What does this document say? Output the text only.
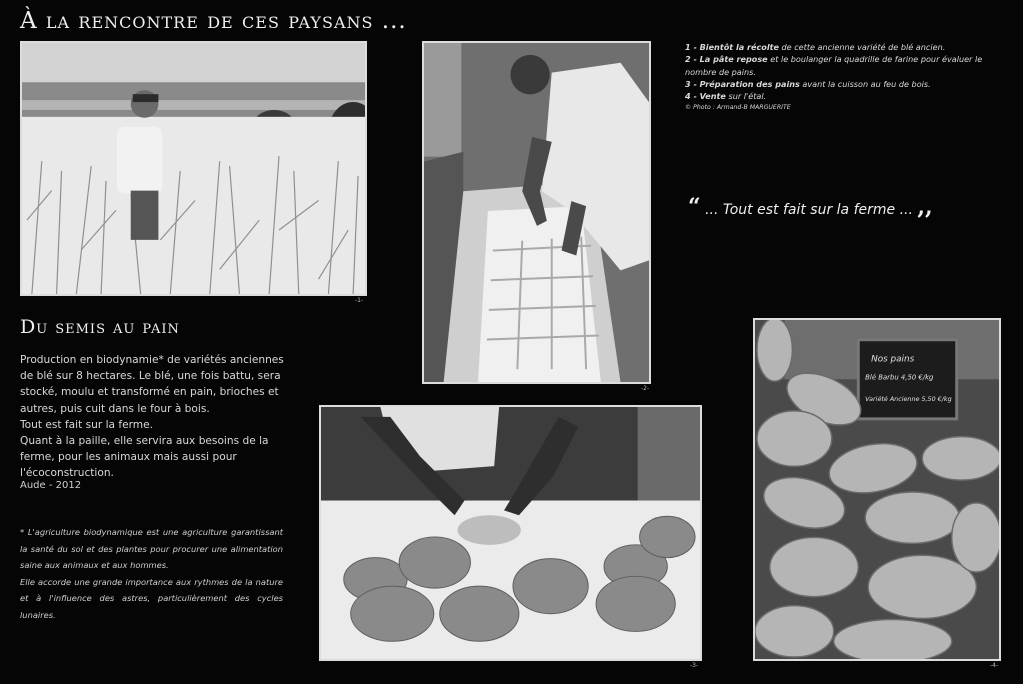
À la rencontre de ces paysans ...
-1-
-2-
-3-
Nos pains
Blé Barbu 4,50 €/kg
Variété Ancienne 5,50 €/kg
-4-

1 - Bientôt la récolte de cette ancienne variété de blé ancien.

2 - La pâte repose et le boulanger la quadrille de farine pour évaluer le nombre de pains.

3 - Préparation des pains avant la cuisson au feu de bois.

4 - Vente sur l'étal.

© Photo : Armand-B MARGUERITE

“ ... Tout est fait sur la ferme ... ,,
Du semis au pain

Production en biodynamie* de variétés anciennes de blé sur 8 hectares. Le blé, une fois battu, sera stocké, moulu et transformé en pain, brioches et autres, puis cuit dans le four à bois.

Tout est fait sur la ferme.

Quant à la paille, elle servira aux besoins de la ferme, pour les animaux mais aussi pour l'écoconstruction.

Aude - 2012

* L'agriculture biodynamique est une agriculture garantissant la santé du sol et des plantes pour procurer une alimentation saine aux animaux et aux hommes.

Elle accorde une grande importance aux rythmes de la nature et à l'influence des astres, particulièrement des cycles lunaires.
